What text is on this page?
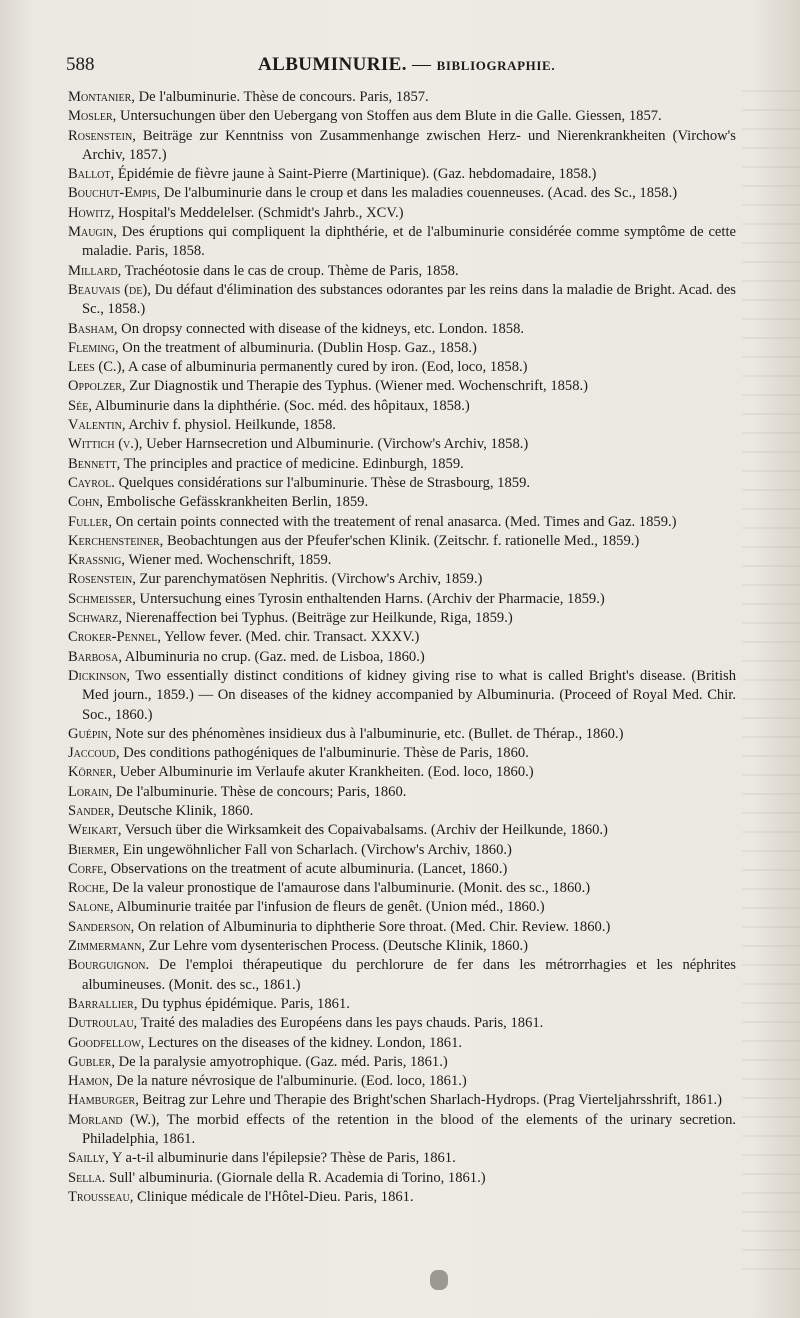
588	ALBUMINURIE. — BIBLIOGRAPHIE.

Montanier, De l'albuminurie. Thèse de concours. Paris, 1857.

Mosler, Untersuchungen über den Uebergang von Stoffen aus dem Blute in die Galle. Giessen, 1857.

Rosenstein, Beiträge zur Kenntniss von Zusammenhange zwischen Herz- und Nierenkrankheiten (Virchow's Archiv, 1857.)

Ballot, Épidémie de fièvre jaune à Saint-Pierre (Martinique). (Gaz. hebdomadaire, 1858.)

Bouchut-Empis, De l'albuminurie dans le croup et dans les maladies couenneuses. (Acad. des Sc., 1858.)

Howitz, Hospital's Meddelelser. (Schmidt's Jahrb., XCV.)

Maugin, Des éruptions qui compliquent la diphthérie, et de l'albuminurie considérée comme symptôme de cette maladie. Paris, 1858.

Millard, Trachéotosie dans le cas de croup. Thème de Paris, 1858.

Beauvais (de), Du défaut d'élimination des substances odorantes par les reins dans la maladie de Bright. Acad. des Sc., 1858.)

Basham, On dropsy connected with disease of the kidneys, etc. London. 1858.

Fleming, On the treatment of albuminuria. (Dublin Hosp. Gaz., 1858.)

Lees (C.), A case of albuminuria permanently cured by iron. (Eod, loco, 1858.)

Oppolzer, Zur Diagnostik und Therapie des Typhus. (Wiener med. Wochenschrift, 1858.)

Sée, Albuminurie dans la diphthérie. (Soc. méd. des hôpitaux, 1858.)

Valentin, Archiv f. physiol. Heilkunde, 1858.

Wittich (v.), Ueber Harnsecretion und Albuminurie. (Virchow's Archiv, 1858.)

Bennett, The principles and practice of medicine. Edinburgh, 1859.

Cayrol. Quelques considérations sur l'albuminurie. Thèse de Strasbourg, 1859.

Cohn, Embolische Gefässkrankheiten Berlin, 1859.

Fuller, On certain points connected with the treatement of renal anasarca. (Med. Times and Gaz. 1859.)

Kerchensteiner, Beobachtungen aus der Pfeufer'schen Klinik. (Zeitschr. f. rationelle Med., 1859.)

Krassnig, Wiener med. Wochenschrift, 1859.

Rosenstein, Zur parenchymatösen Nephritis. (Virchow's Archiv, 1859.)

Schmeisser, Untersuchung eines Tyrosin enthaltenden Harns. (Archiv der Pharmacie, 1859.)

Schwarz, Nierenaffection bei Typhus. (Beiträge zur Heilkunde, Riga, 1859.)

Croker-Pennel, Yellow fever. (Med. chir. Transact. XXXV.)

Barbosa, Albuminuria no crup. (Gaz. med. de Lisboa, 1860.)

Dickinson, Two essentially distinct conditions of kidney giving rise to what is called Bright's disease. (British Med journ., 1859.) — On diseases of the kidney accompanied by Albuminuria. (Proceed of Royal Med. Chir. Soc., 1860.)

Guépin, Note sur des phénomènes insidieux dus à l'albuminurie, etc. (Bullet. de Thérap., 1860.)

Jaccoud, Des conditions pathogéniques de l'albuminurie. Thèse de Paris, 1860.

Körner, Ueber Albuminurie im Verlaufe akuter Krankheiten. (Eod. loco, 1860.)

Lorain, De l'albuminurie. Thèse de concours; Paris, 1860.

Sander, Deutsche Klinik, 1860.

Weikart, Versuch über die Wirksamkeit des Copaivabalsams. (Archiv der Heilkunde, 1860.)

Biermer, Ein ungewöhnlicher Fall von Scharlach. (Virchow's Archiv, 1860.)

Corfe, Observations on the treatment of acute albuminuria. (Lancet, 1860.)

Roche, De la valeur pronostique de l'amaurose dans l'albuminurie. (Monit. des sc., 1860.)

Salone, Albuminurie traitée par l'infusion de fleurs de genêt. (Union méd., 1860.)

Sanderson, On relation of Albuminuria to diphtherie Sore throat. (Med. Chir. Review. 1860.)

Zimmermann, Zur Lehre vom dysenterischen Process. (Deutsche Klinik, 1860.)

Bourguignon. De l'emploi thérapeutique du perchlorure de fer dans les métrorrhagies et les néphrites albumineuses. (Monit. des sc., 1861.)

Barrallier, Du typhus épidémique. Paris, 1861.

Dutroulau, Traité des maladies des Européens dans les pays chauds. Paris, 1861.

Goodfellow, Lectures on the diseases of the kidney. London, 1861.

Gubler, De la paralysie amyotrophique. (Gaz. méd. Paris, 1861.)

Hamon, De la nature névrosique de l'albuminurie. (Eod. loco, 1861.)

Hamburger, Beitrag zur Lehre und Therapie des Bright'schen Sharlach-Hydrops. (Prag Vierteljahrsshrift, 1861.)

Morland (W.), The morbid effects of the retention in the blood of the elements of the urinary secretion. Philadelphia, 1861.

Sailly, Y a-t-il albuminurie dans l'épilepsie? Thèse de Paris, 1861.

Sella. Sull' albuminuria. (Giornale della R. Academia di Torino, 1861.)

Trousseau, Clinique médicale de l'Hôtel-Dieu. Paris, 1861.
